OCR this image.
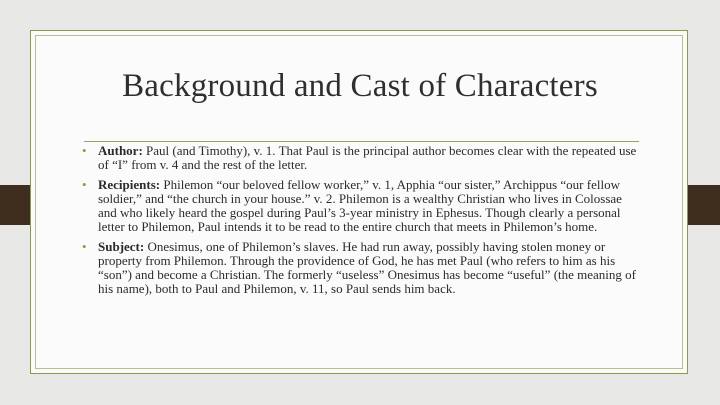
Background and Cast of Characters
• Author: Paul (and Timothy), v. 1. That Paul is the principal author becomes clear with the repeated use of “I” from v. 4 and the rest of the letter.
• Recipients: Philemon “our beloved fellow worker,” v. 1, Apphia “our sister,” Archippus “our fellow soldier,” and “the church in your house.” v. 2. Philemon is a wealthy Christian who lives in Colossae and who likely heard the gospel during Paul’s 3-year ministry in Ephesus. Though clearly a personal letter to Philemon, Paul intends it to be read to the entire church that meets in Philemon’s home.
• Subject: Onesimus, one of Philemon’s slaves. He had run away, possibly having stolen money or property from Philemon. Through the providence of God, he has met Paul (who refers to him as his “son”) and become a Christian. The formerly “useless” Onesimus has become “useful” (the meaning of his name), both to Paul and Philemon, v. 11, so Paul sends him back.
